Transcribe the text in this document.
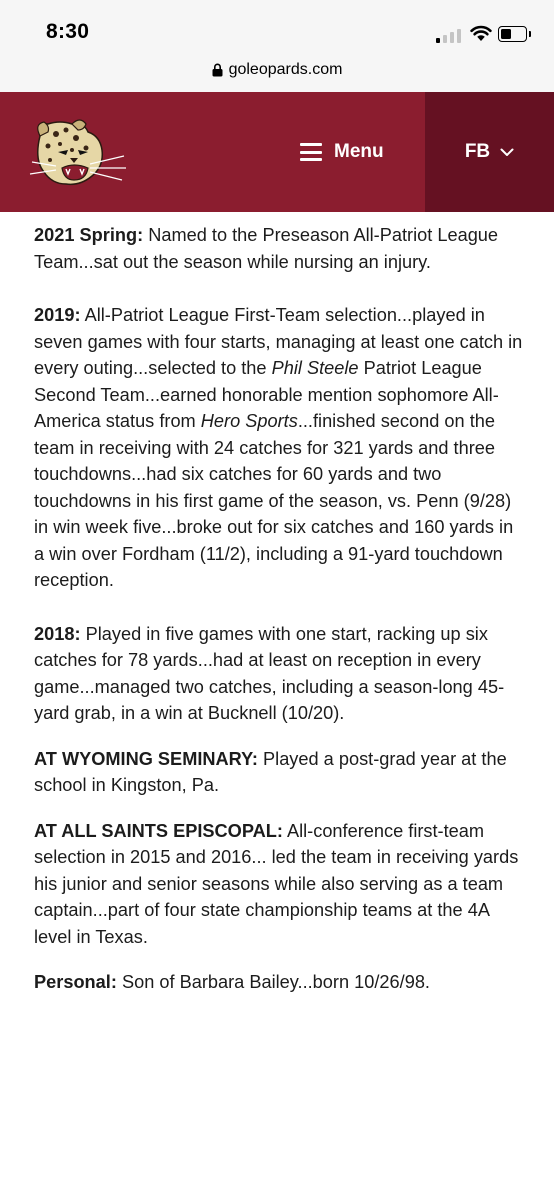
8:30
goleopards.com
Menu	FB

2021 Spring: Named to the Preseason All-Patriot League Team...sat out the season while nursing an injury.

2019: All-Patriot League First-Team selection...played in seven games with four starts, managing at least one catch in every outing...selected to the Phil Steele Patriot League Second Team...earned honorable mention sophomore All-America status from Hero Sports...finished second on the team in receiving with 24 catches for 321 yards and three touchdowns...had six catches for 60 yards and two touchdowns in his first game of the season, vs. Penn (9/28) in win week five...broke out for six catches and 160 yards in a win over Fordham (11/2), including a 91-yard touchdown reception.

2018: Played in five games with one start, racking up six catches for 78 yards...had at least on reception in every game...managed two catches, including a season-long 45-yard grab, in a win at Bucknell (10/20).

AT WYOMING SEMINARY: Played a post-grad year at the school in Kingston, Pa.

AT ALL SAINTS EPISCOPAL: All-conference first-team selection in 2015 and 2016... led the team in receiving yards his junior and senior seasons while also serving as a team captain...part of four state championship teams at the 4A level in Texas.

Personal: Son of Barbara Bailey...born 10/26/98.
